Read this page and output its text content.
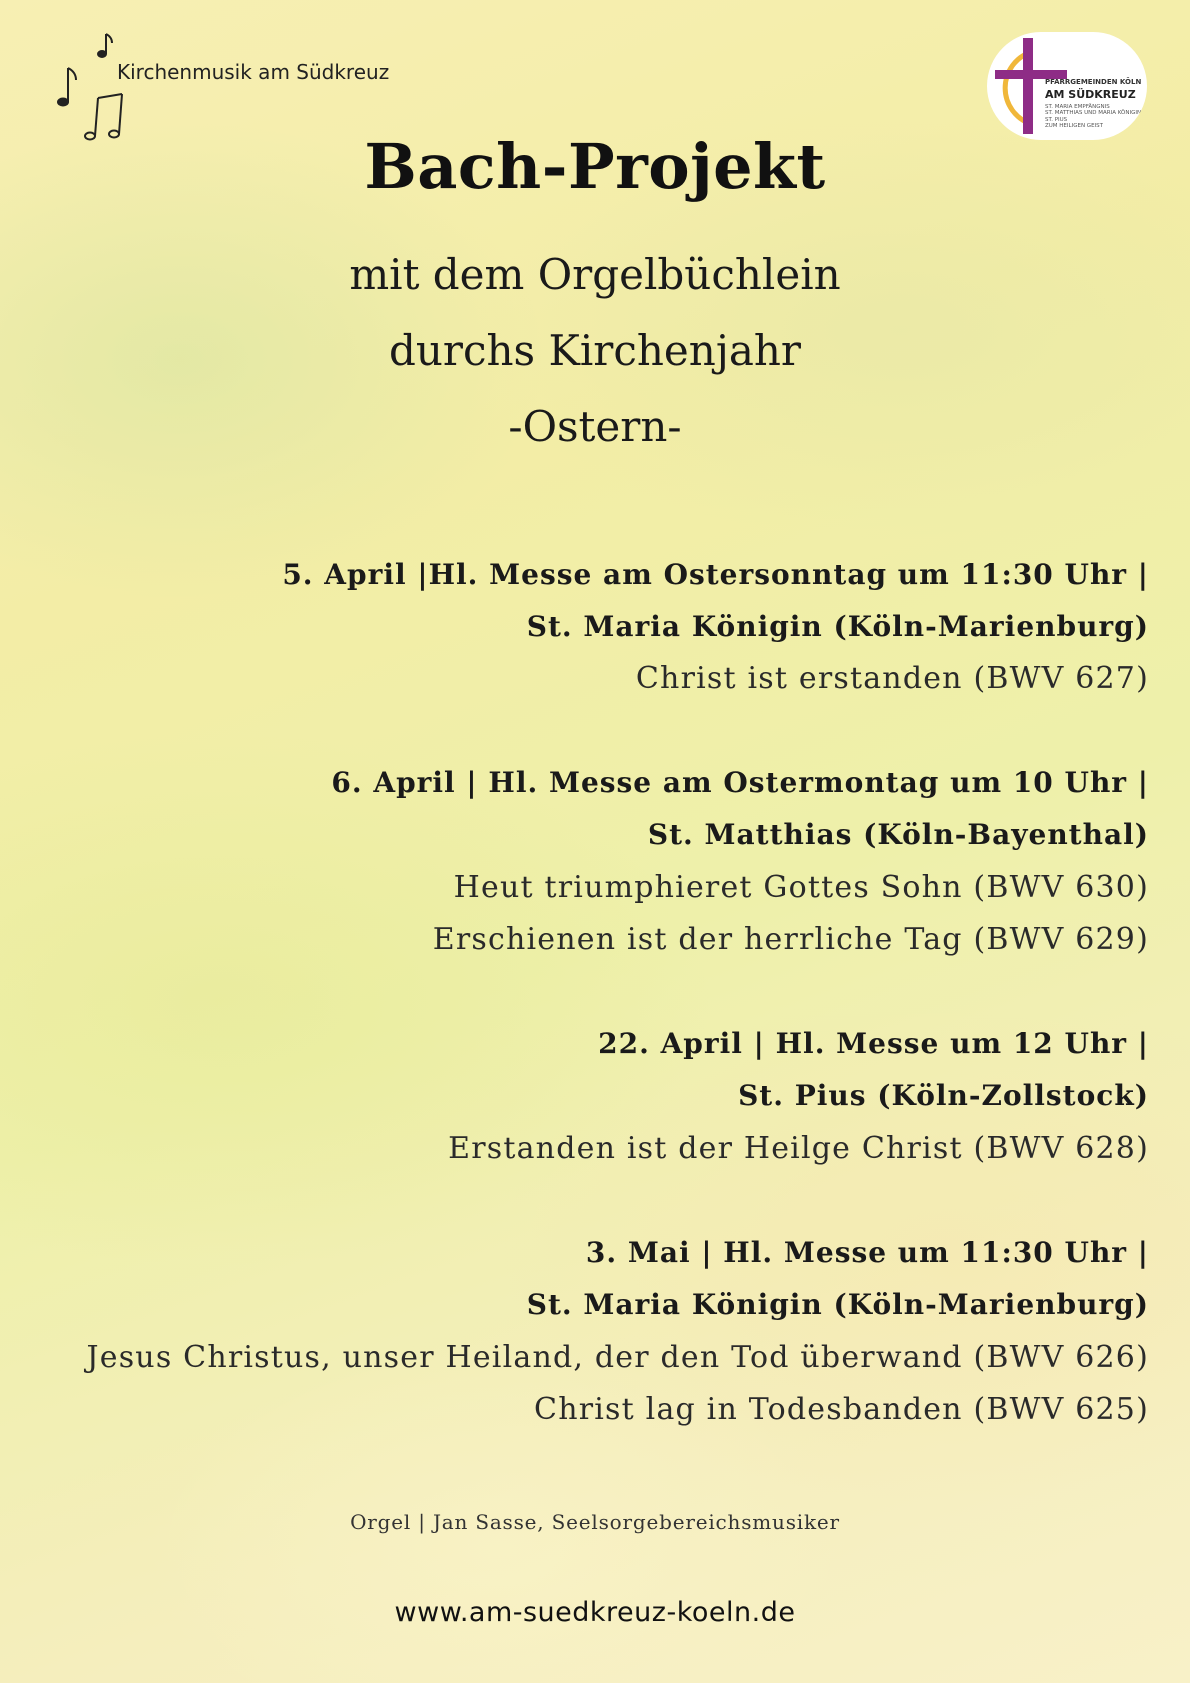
Kirchenmusik am Südkreuz	PFARRGEMEINDEN KÖLN
AM SÜDKREUZ
ST. MARIA EMPFÄNGNIS
ST. MATTHIAS UND MARIA KÖNIGIN
ST. PIUS
ZUM HEILIGEN GEIST
Bach-Projekt
mit dem Orgelbüchlein
durchs Kirchenjahr
-Ostern-
5. April |Hl. Messe am Ostersonntag um 11:30 Uhr |
St. Maria Königin (Köln-Marienburg)
Christ ist erstanden (BWV 627)
6. April | Hl. Messe am Ostermontag um 10 Uhr |
St. Matthias (Köln-Bayenthal)
Heut triumphieret Gottes Sohn (BWV 630)
Erschienen ist der herrliche Tag (BWV 629)
22. April | Hl. Messe um 12 Uhr |
St. Pius (Köln-Zollstock)
Erstanden ist der Heilge Christ (BWV 628)
3. Mai | Hl. Messe um 11:30 Uhr |
St. Maria Königin (Köln-Marienburg)
Jesus Christus, unser Heiland, der den Tod überwand (BWV 626)
Christ lag in Todesbanden (BWV 625)
Orgel | Jan Sasse, Seelsorgebereichsmusiker
www.am-suedkreuz-koeln.de
